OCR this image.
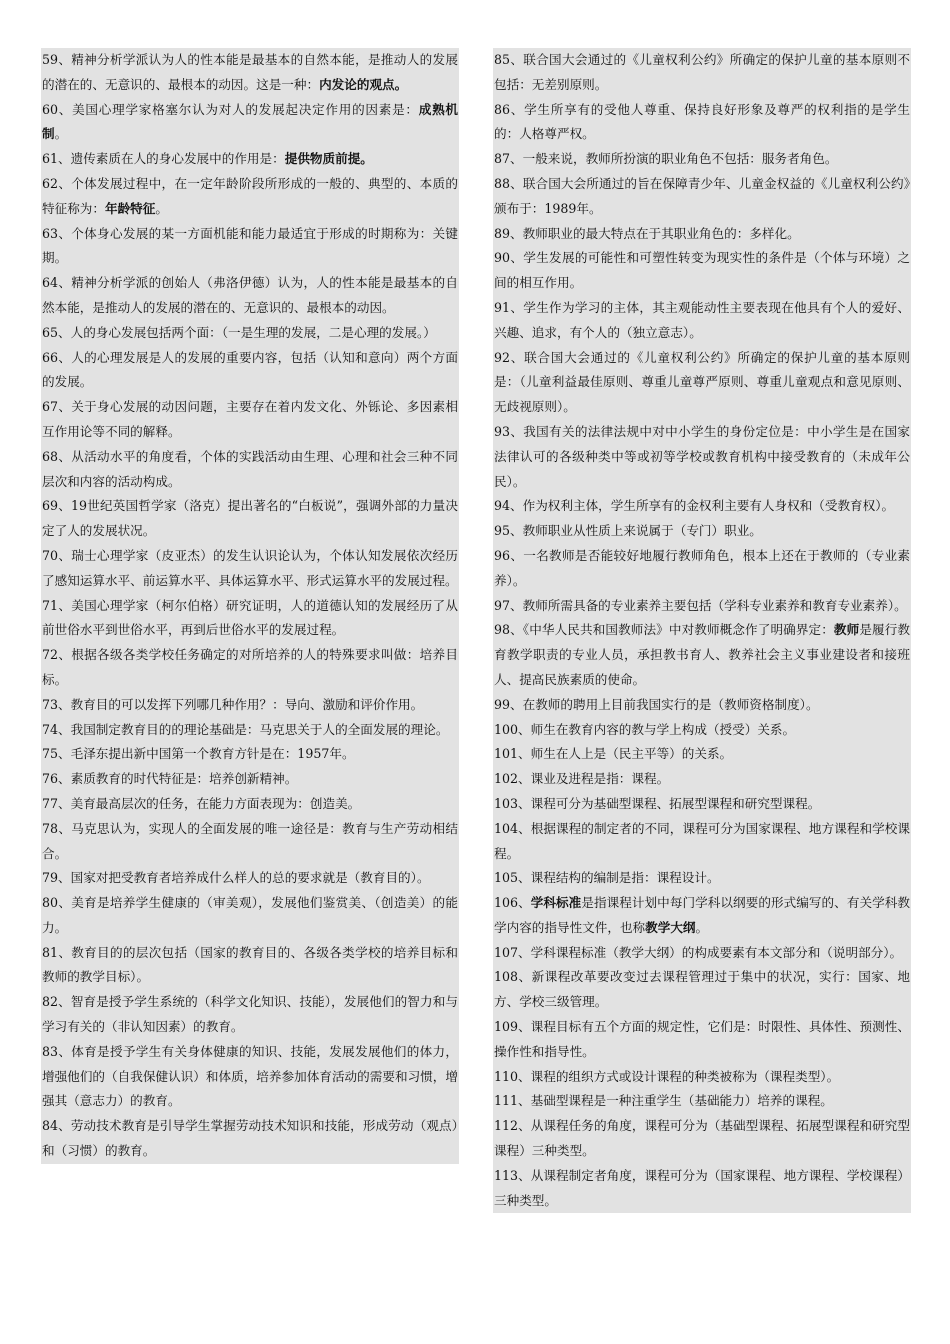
59、精神分析学派认为人的性本能是最基本的自然本能，是推动人的发展的潜在的、无意识的、最根本的动因。这是一种：内发论的观点。

60、美国心理学家格塞尔认为对人的发展起决定作用的因素是：成熟机制。

61、遗传素质在人的身心发展中的作用是：提供物质前提。

62、个体发展过程中，在一定年龄阶段所形成的一般的、典型的、本质的特征称为：年龄特征。

63、个体身心发展的某一方面机能和能力最适宜于形成的时期称为：关键期。

64、精神分析学派的创始人（弗洛伊德）认为，人的性本能是最基本的自然本能，是推动人的发展的潜在的、无意识的、最根本的动因。

65、人的身心发展包括两个面：（一是生理的发展，二是心理的发展。）

66、人的心理发展是人的发展的重要内容，包括（认知和意向）两个方面的发展。

67、关于身心发展的动因问题，主要存在着内发文化、外铄论、多因素相互作用论等不同的解释。

68、从活动水平的角度看，个体的实践活动由生理、心理和社会三种不同层次和内容的活动构成。

69、19世纪英国哲学家（洛克）提出著名的“白板说”，强调外部的力量决定了人的发展状况。

70、瑞士心理学家（皮亚杰）的发生认识论认为，个体认知发展依次经历了感知运算水平、前运算水平、具体运算水平、形式运算水平的发展过程。

71、美国心理学家（柯尔伯格）研究证明，人的道德认知的发展经历了从前世俗水平到世俗水平，再到后世俗水平的发展过程。

72、根据各级各类学校任务确定的对所培养的人的特殊要求叫做：培养目标。

73、教育目的可以发挥下列哪几种作用？：导向、激励和评价作用。

74、我国制定教育目的的理论基础是：马克思关于人的全面发展的理论。

75、毛泽东提出新中国第一个教育方针是在：1957年。

76、素质教育的时代特征是：培养创新精神。

77、美育最高层次的任务，在能力方面表现为：创造美。

78、马克思认为，实现人的全面发展的唯一途径是：教育与生产劳动相结合。

79、国家对把受教育者培养成什么样人的总的要求就是（教育目的）。

80、美育是培养学生健康的（审美观），发展他们鉴赏美、（创造美）的能力。

81、教育目的的层次包括（国家的教育目的、各级各类学校的培养目标和教师的教学目标）。

82、智育是授予学生系统的（科学文化知识、技能），发展他们的智力和与学习有关的（非认知因素）的教育。

83、体育是授予学生有关身体健康的知识、技能，发展发展他们的体力，增强他们的（自我保健认识）和体质，培养参加体育活动的需要和习惯，增强其（意志力）的教育。

84、劳动技术教育是引导学生掌握劳动技术知识和技能，形成劳动（观点）和（习惯）的教育。

85、联合国大会通过的《儿童权利公约》所确定的保护儿童的基本原则不包括：无差别原则。

86、学生所享有的受他人尊重、保持良好形象及尊严的权利指的是学生的：人格尊严权。

87、一般来说，教师所扮演的职业角色不包括：服务者角色。

88、联合国大会所通过的旨在保障青少年、儿童金权益的《儿童权利公约》颁布于：1989年。

89、教师职业的最大特点在于其职业角色的：多样化。

90、学生发展的可能性和可塑性转变为现实性的条件是（个体与环境）之间的相互作用。

91、学生作为学习的主体，其主观能动性主要表现在他具有个人的爱好、兴趣、追求，有个人的（独立意志）。

92、联合国大会通过的《儿童权利公约》所确定的保护儿童的基本原则是：（儿童利益最佳原则、尊重儿童尊严原则、尊重儿童观点和意见原则、无歧视原则）。

93、我国有关的法律法规中对中小学生的身份定位是：中小学生是在国家法律认可的各级种类中等或初等学校或教育机构中接受教育的（未成年公民）。

94、作为权利主体，学生所享有的金权利主要有人身权和（受教育权）。

95、教师职业从性质上来说属于（专门）职业。

96、一名教师是否能较好地履行教师角色，根本上还在于教师的（专业素养）。

97、教师所需具备的专业素养主要包括（学科专业素养和教育专业素养）。

98、《中华人民共和国教师法》中对教师概念作了明确界定：教师是履行教育教学职责的专业人员，承担教书育人、教养社会主义事业建设者和接班人、提高民族素质的使命。

99、在教师的聘用上目前我国实行的是（教师资格制度）。

100、师生在教育内容的教与学上构成（授受）关系。

101、师生在人上是（民主平等）的关系。

102、课业及进程是指：课程。

103、课程可分为基础型课程、拓展型课程和研究型课程。

104、根据课程的制定者的不同，课程可分为国家课程、地方课程和学校课程。

105、课程结构的编制是指：课程设计。

106、学科标准是指课程计划中每门学科以纲要的形式编写的、有关学科教学内容的指导性文件，也称教学大纲。

107、学科课程标准（教学大纲）的构成要素有本文部分和（说明部分）。

108、新课程改革要改变过去课程管理过于集中的状况，实行：国家、地方、学校三级管理。

109、课程目标有五个方面的规定性，它们是：时限性、具体性、预测性、操作性和指导性。

110、课程的组织方式或设计课程的种类被称为（课程类型）。

111、基础型课程是一种注重学生（基础能力）培养的课程。

112、从课程任务的角度，课程可分为（基础型课程、拓展型课程和研究型课程）三种类型。

113、从课程制定者角度，课程可分为（国家课程、地方课程、学校课程）三种类型。
